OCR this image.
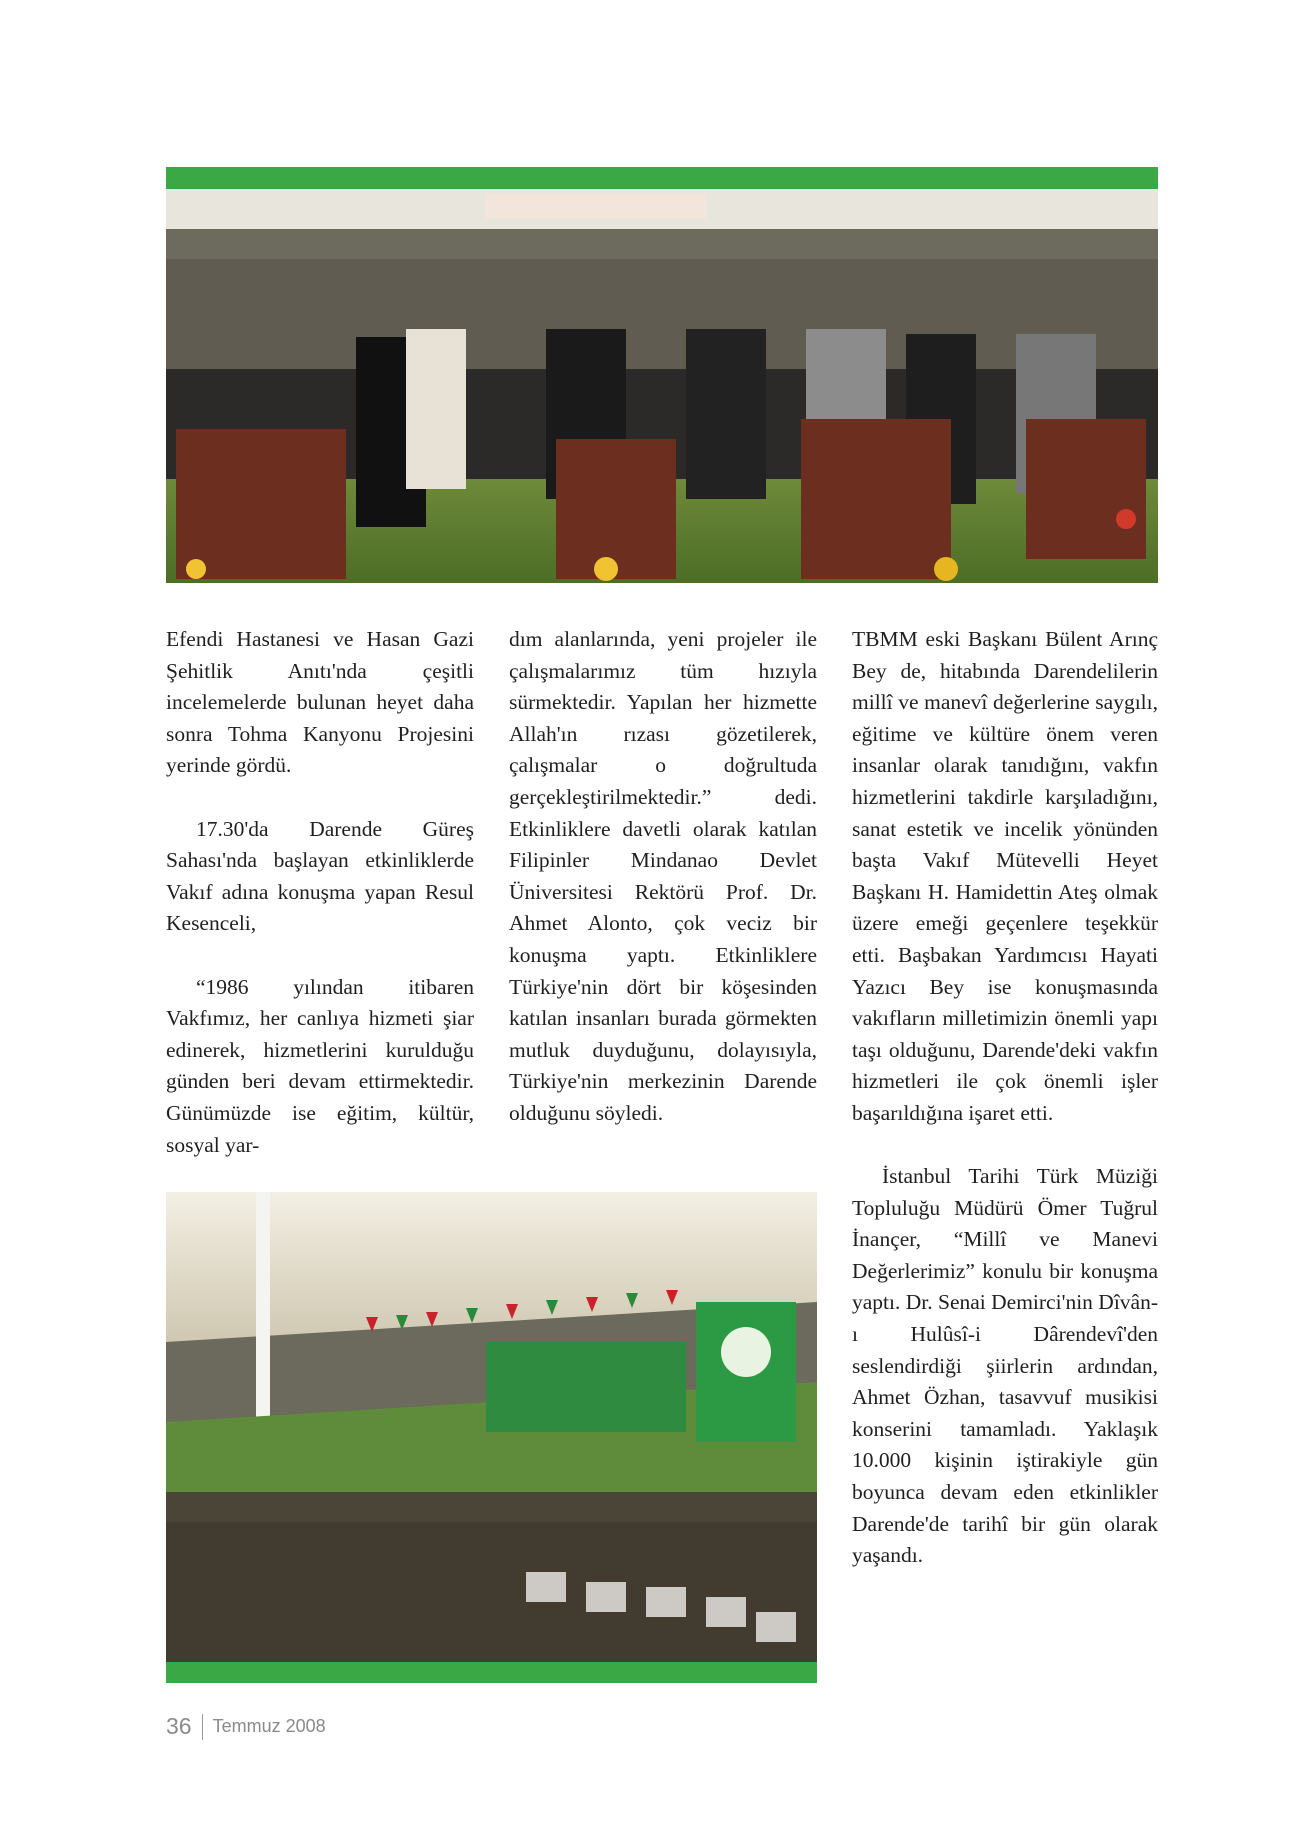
Efendi Hastanesi ve Hasan Gazi Şehitlik Anıtı'nda çeşitli incelemelerde bulunan heyet daha sonra Tohma Kanyonu Projesini yerinde gördü.

17.30'da Darende Güreş Sahası'nda başlayan etkinliklerde Vakıf adına konuşma yapan Resul Kesenceli,

“1986 yılından itibaren Vakfımız, her canlıya hizmeti şiar edinerek, hizmetlerini kurulduğu günden beri devam ettirmektedir. Günümüzde ise eğitim, kültür, sosyal yar-

dım alanlarında, yeni projeler ile çalışmalarımız tüm hızıyla sürmektedir. Yapılan her hizmette Allah'ın rızası gözetilerek, çalışmalar o doğrultuda gerçekleştirilmektedir.” dedi. Etkinliklere davetli olarak katılan Filipinler Mindanao Devlet Üniversitesi Rektörü Prof. Dr. Ahmet Alonto, çok veciz bir konuşma yaptı. Etkinliklere Türkiye'nin dört bir köşesinden katılan insanları burada görmekten mutluk duyduğunu, dolayısıyla, Türkiye'nin merkezinin Darende olduğunu söyledi.

TBMM eski Başkanı Bülent Arınç Bey de, hitabında Darendelilerin millî ve manevî değerlerine saygılı, eğitime ve kültüre önem veren insanlar olarak tanıdığını, vakfın hizmetlerini takdirle karşıladığını, sanat estetik ve incelik yönünden başta Vakıf Mütevelli Heyet Başkanı H. Hamidettin Ateş olmak üzere emeği geçenlere teşekkür etti. Başbakan Yardımcısı Hayati Yazıcı Bey ise konuşmasında vakıfların milletimizin önemli yapı taşı olduğunu, Darende'deki vakfın hizmetleri ile çok önemli işler başarıldığına işaret etti.

İstanbul Tarihi Türk Müziği Topluluğu Müdürü Ömer Tuğrul İnançer, “Millî ve Manevi Değerlerimiz” konulu bir konuşma yaptı. Dr. Senai Demirci'nin Dîvân-ı Hulûsî-i Dârendevî'den seslendirdiği şiirlerin ardından, Ahmet Özhan, tasavvuf musikisi konserini tamamladı. Yaklaşık 10.000 kişinin iştirakiyle gün boyunca devam eden etkinlikler Darende'de tarihî bir gün olarak yaşandı.

36 Temmuz 2008
